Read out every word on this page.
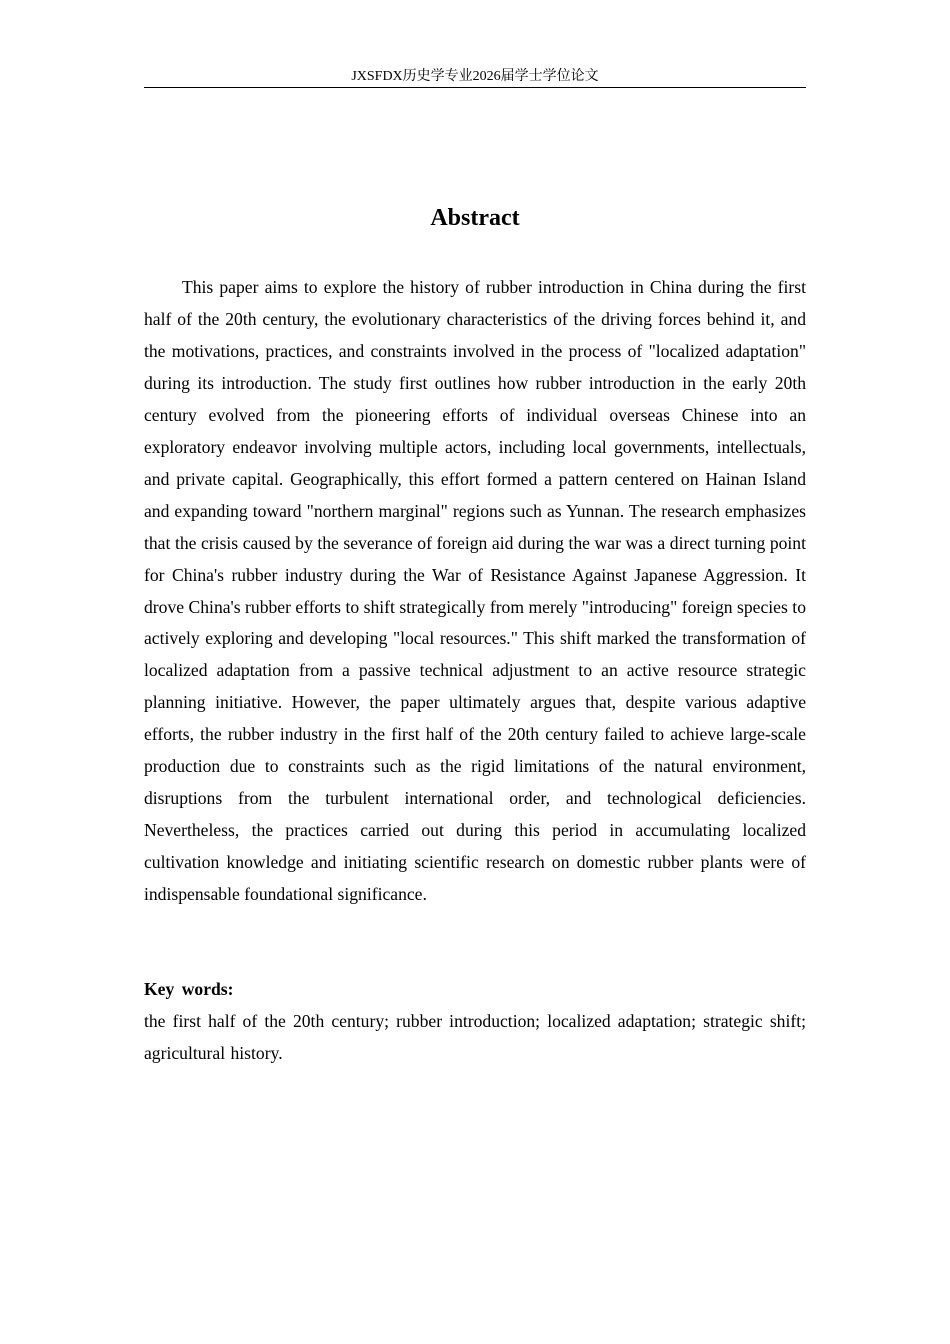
JXSFDX历史学专业2026届学士学位论文
Abstract

This paper aims to explore the history of rubber introduction in China during the first half of the 20th century, the evolutionary characteristics of the driving forces behind it, and the motivations, practices, and constraints involved in the process of "localized adaptation" during its introduction. The study first outlines how rubber introduction in the early 20th century evolved from the pioneering efforts of individual overseas Chinese into an exploratory endeavor involving multiple actors, including local governments, intellectuals, and private capital. Geographically, this effort formed a pattern centered on Hainan Island and expanding toward "northern marginal" regions such as Yunnan. The research emphasizes that the crisis caused by the severance of foreign aid during the war was a direct turning point for China's rubber industry during the War of Resistance Against Japanese Aggression. It drove China's rubber efforts to shift strategically from merely "introducing" foreign species to actively exploring and developing "local resources." This shift marked the transformation of localized adaptation from a passive technical adjustment to an active resource strategic planning initiative. However, the paper ultimately argues that, despite various adaptive efforts, the rubber industry in the first half of the 20th century failed to achieve large-scale production due to constraints such as the rigid limitations of the natural environment, disruptions from the turbulent international order, and technological deficiencies. Nevertheless, the practices carried out during this period in accumulating localized cultivation knowledge and initiating scientific research on domestic rubber plants were of indispensable foundational significance.

Key words:

the first half of the 20th century; rubber introduction; localized adaptation; strategic shift; agricultural history.
